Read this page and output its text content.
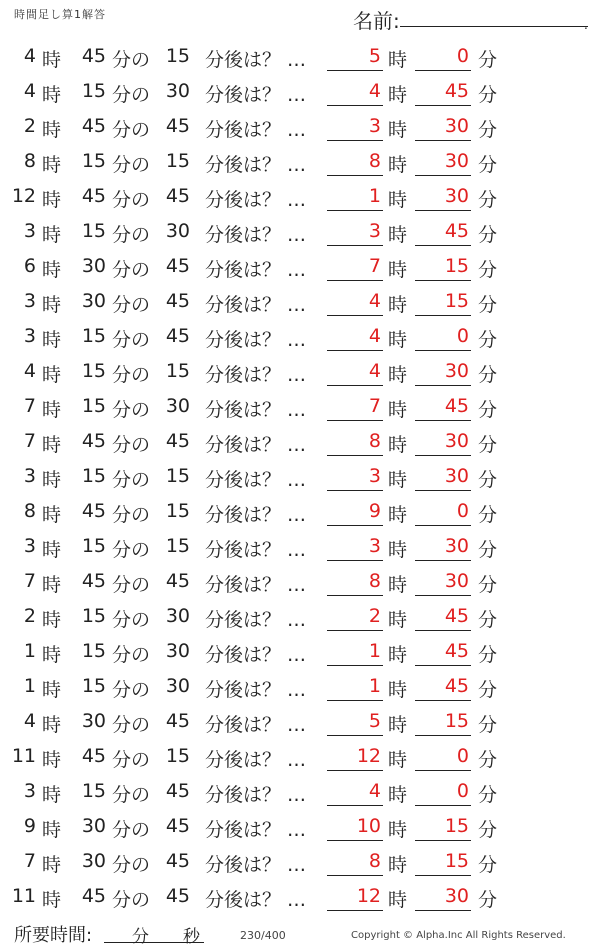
時間足し算1解答	名前:	.
4 時	45 分の 15 分後は？ …	5 時	0 分
4 時	15 分の 30 分後は？ …	4 時	45 分
2 時	45 分の 45 分後は？ …	3 時	30 分
8 時	15 分の 15 分後は？ …	8 時	30 分
12 時	45 分の 45 分後は？ …	1 時	30 分
3 時	15 分の 30 分後は？ …	3 時	45 分
6 時	30 分の 45 分後は？ …	7 時	15 分
3 時	30 分の 45 分後は？ …	4 時	15 分
3 時	15 分の 45 分後は？ …	4 時	0 分
4 時	15 分の 15 分後は？ …	4 時	30 分
7 時	15 分の 30 分後は？ …	7 時	45 分
7 時	45 分の 45 分後は？ …	8 時	30 分
3 時	15 分の 15 分後は？ …	3 時	30 分
8 時	45 分の 15 分後は？ …	9 時	0 分
3 時	15 分の 15 分後は？ …	3 時	30 分
7 時	45 分の 45 分後は？ …	8 時	30 分
2 時	15 分の 30 分後は？ …	2 時	45 分
1 時	15 分の 30 分後は？ …	1 時	45 分
1 時	15 分の 30 分後は？ …	1 時	45 分
4 時	30 分の 45 分後は？ …	5 時	15 分
11 時	45 分の 15 分後は？ …	12 時	0 分
3 時	15 分の 45 分後は？ …	4 時	0 分
9 時	30 分の 45 分後は？ …	10 時	15 分
7 時	30 分の 45 分後は？ …	8 時	15 分
11 時	45 分の 45 分後は？ …	12 時	30 分
所要時間: 分 秒	230/400	Copyright © Alpha.Inc All Rights Reserved.
